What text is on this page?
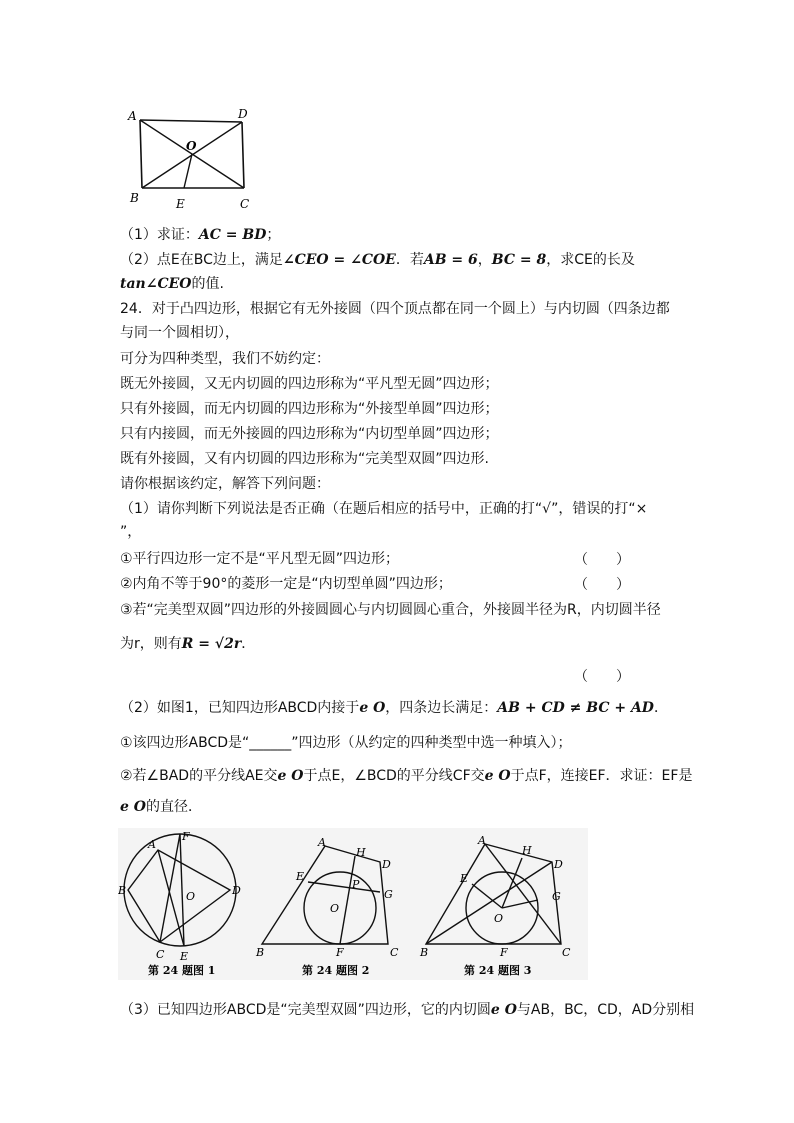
A	D
O
B	E	C
（1）求证：AC = BD；
（2）点E在BC边上，满足∠CEO = ∠COE．若AB = 6，BC = 8，求CE的长及
tan∠CEO的值.
24．对于凸四边形，根据它有无外接圆（四个顶点都在同一个圆上）与内切圆（四条边都
与同一个圆相切），
可分为四种类型，我们不妨约定：
既无外接圆，又无内切圆的四边形称为“平凡型无圆”四边形；
只有外接圆，而无内切圆的四边形称为“外接型单圆”四边形；
只有内接圆，而无外接圆的四边形称为“内切型单圆”四边形；
既有外接圆，又有内切圆的四边形称为“完美型双圆”四边形.
请你根据该约定，解答下列问题：
（1）请你判断下列说法是否正确（在题后相应的括号中，正确的打“√”，错误的打“×
”，
①平行四边形一定不是“平凡型无圆”四边形；	（　　）
②内角不等于90°的菱形一定是“内切型单圆”四边形；	（　　）
③若“完美型双圆”四边形的外接圆圆心与内切圆圆心重合，外接圆半径为R，内切圆半径
为r，则有R = √2r．
（　　）
（2）如图1，已知四边形ABCD内接于e O，四条边长满足：AB + CD ≠ BC + AD．
①该四边形ABCD是“______”四边形（从约定的四种类型中选一种填入）；
②若∠BAD的平分线AE交e O于点E，∠BCD的平分线CF交e O于点F，连接EF．求证：EF是
e O的直径．
A
F
B	O	D
C E
第 24 题图 1
A
H
D
E
P
G
O
B	F	C
第 24 题图 2
A
H
D
E
G
O
B	F	C
第 24 题图 3
（3）已知四边形ABCD是“完美型双圆”四边形，它的内切圆e O与AB，BC，CD，AD分别相
